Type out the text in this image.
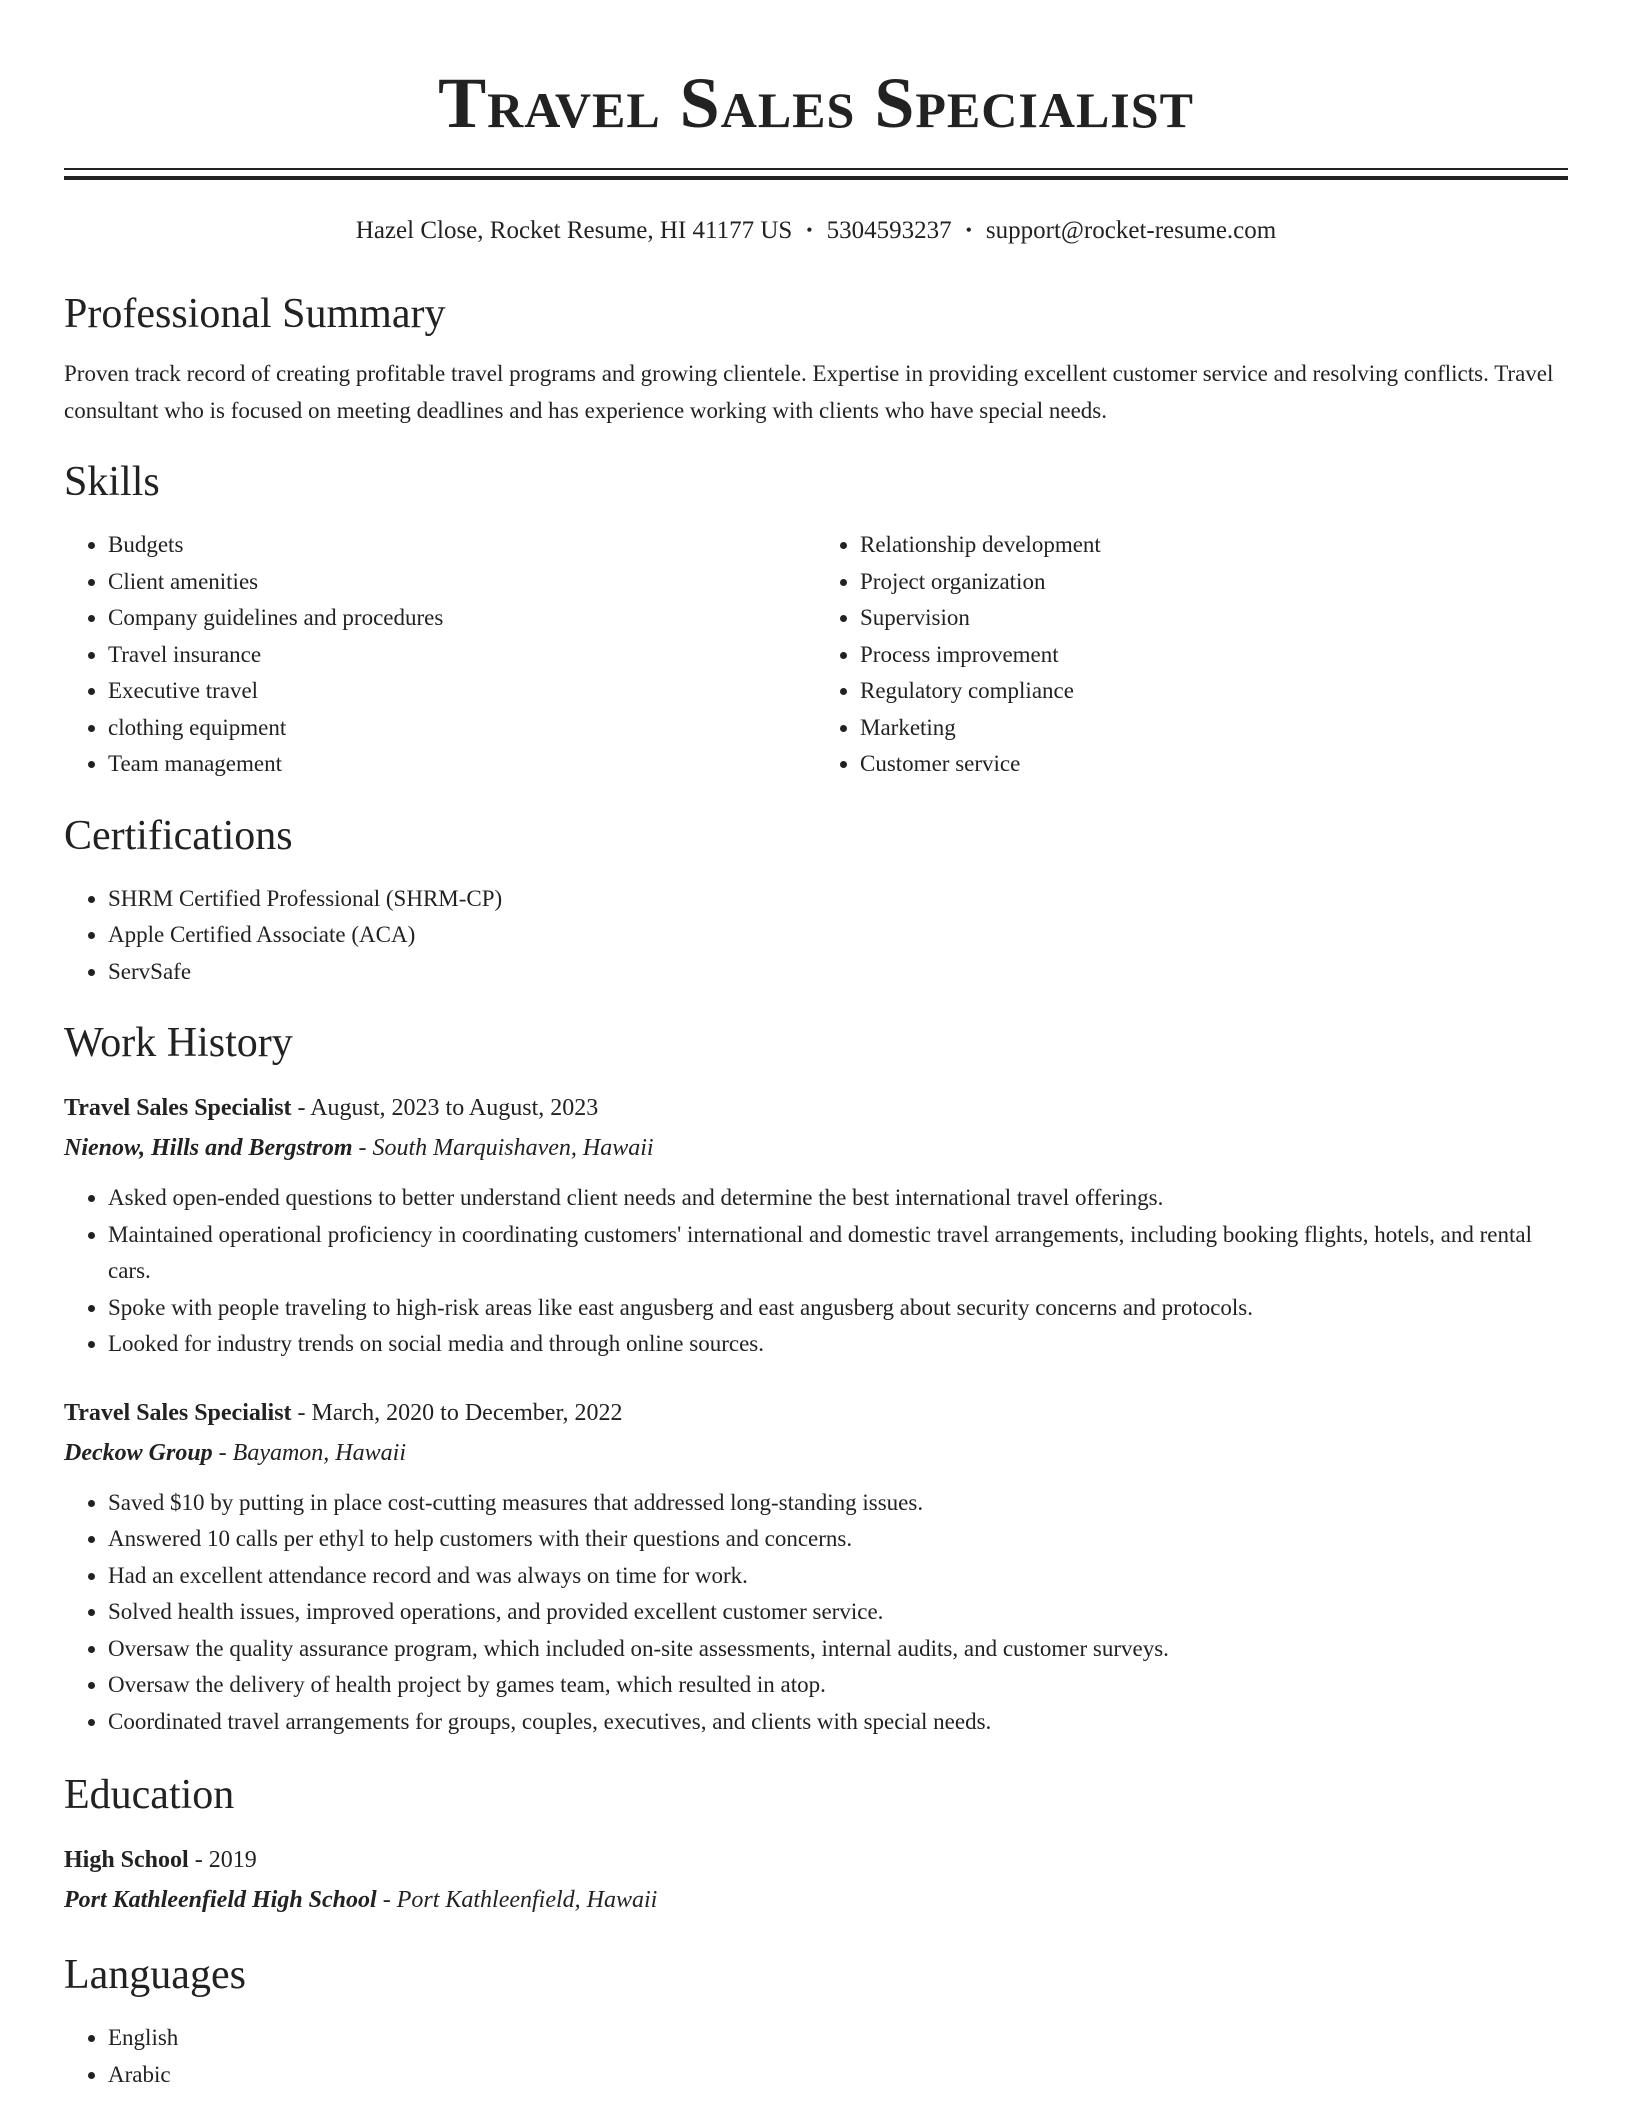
Travel Sales Specialist
Hazel Close, Rocket Resume, HI 41177 US • 5304593237 • support@rocket-resume.com
Professional Summary

Proven track record of creating profitable travel programs and growing clientele. Expertise in providing excellent customer service and resolving conflicts. Travel consultant who is focused on meeting deadlines and has experience working with clients who have special needs.

Skills
• Budgets
• Client amenities
• Company guidelines and procedures
• Travel insurance
• Executive travel
• clothing equipment
• Team management
• Relationship development
• Project organization
• Supervision
• Process improvement
• Regulatory compliance
• Marketing
• Customer service
Certifications
• SHRM Certified Professional (SHRM-CP)
• Apple Certified Associate (ACA)
• ServSafe
Work History
Travel Sales Specialist - August, 2023 to August, 2023
Nienow, Hills and Bergstrom - South Marquishaven, Hawaii
• Asked open-ended questions to better understand client needs and determine the best international travel offerings.
• Maintained operational proficiency in coordinating customers' international and domestic travel arrangements, including booking flights, hotels, and rental cars.
• Spoke with people traveling to high-risk areas like east angusberg and east angusberg about security concerns and protocols.
• Looked for industry trends on social media and through online sources.
Travel Sales Specialist - March, 2020 to December, 2022
Deckow Group - Bayamon, Hawaii
• Saved $10 by putting in place cost-cutting measures that addressed long-standing issues.
• Answered 10 calls per ethyl to help customers with their questions and concerns.
• Had an excellent attendance record and was always on time for work.
• Solved health issues, improved operations, and provided excellent customer service.
• Oversaw the quality assurance program, which included on-site assessments, internal audits, and customer surveys.
• Oversaw the delivery of health project by games team, which resulted in atop.
• Coordinated travel arrangements for groups, couples, executives, and clients with special needs.
Education
High School - 2019
Port Kathleenfield High School - Port Kathleenfield, Hawaii
Languages
• English
• Arabic
